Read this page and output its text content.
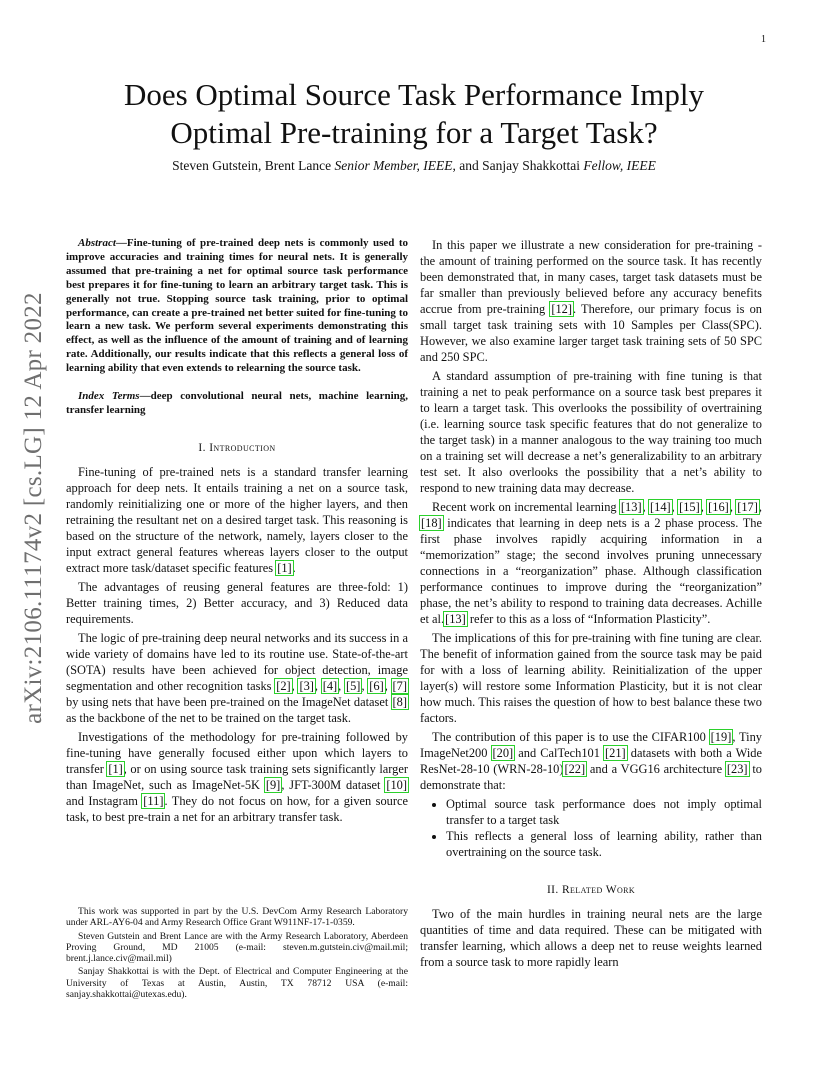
1
arXiv:2106.11174v2 [cs.LG] 12 Apr 2022
Does Optimal Source Task Performance Imply
Optimal Pre-training for a Target Task?
Steven Gutstein, Brent Lance Senior Member, IEEE, and Sanjay Shakkottai Fellow, IEEE

Abstract—Fine-tuning of pre-trained deep nets is commonly used to improve accuracies and training times for neural nets. It is generally assumed that pre-training a net for optimal source task performance best prepares it for fine-tuning to learn an arbitrary target task. This is generally not true. Stopping source task training, prior to optimal performance, can create a pre-trained net better suited for fine-tuning to learn a new task. We perform several experiments demonstrating this effect, as well as the influence of the amount of training and of learning rate. Additionally, our results indicate that this reflects a general loss of learning ability that even extends to relearning the source task.

Index Terms—deep convolutional neural nets, machine learning, transfer learning

I. Introduction

Fine-tuning of pre-trained nets is a standard transfer learning approach for deep nets. It entails training a net on a source task, randomly reinitializing one or more of the higher layers, and then retraining the resultant net on a desired target task. This reasoning is based on the structure of the network, namely, layers closer to the input extract general features whereas layers closer to the output extract more task/dataset specific features [1].

The advantages of reusing general features are three-fold: 1) Better training times, 2) Better accuracy, and 3) Reduced data requirements.

The logic of pre-training deep neural networks and its success in a wide variety of domains have led to its routine use. State-of-the-art (SOTA) results have been achieved for object detection, image segmentation and other recognition tasks [2], [3], [4], [5], [6], [7] by using nets that have been pre-trained on the ImageNet dataset [8] as the backbone of the net to be trained on the target task.

Investigations of the methodology for pre-training followed by fine-tuning have generally focused either upon which layers to transfer [1], or on using source task training sets significantly larger than ImageNet, such as ImageNet-5K [9], JFT-300M dataset [10] and Instagram [11]. They do not focus on how, for a given source task, to best pre-train a net for an arbitrary transfer task.

This work was supported in part by the U.S. DevCom Army Research Laboratory under ARL-AY6-04 and Army Research Office Grant W911NF-17-1-0359.

Steven Gutstein and Brent Lance are with the Army Research Laboratory, Aberdeen Proving Ground, MD 21005 (e-mail: steven.m.gutstein.civ@mail.mil; brent.j.lance.civ@mail.mil)

Sanjay Shakkottai is with the Dept. of Electrical and Computer Engineering at the University of Texas at Austin, Austin, TX 78712 USA (e-mail: sanjay.shakkottai@utexas.edu).

In this paper we illustrate a new consideration for pre-training - the amount of training performed on the source task. It has recently been demonstrated that, in many cases, target task datasets must be far smaller than previously believed before any accuracy benefits accrue from pre-training [12]. Therefore, our primary focus is on small target task training sets with 10 Samples per Class(SPC). However, we also examine larger target task training sets of 50 SPC and 250 SPC.

A standard assumption of pre-training with fine tuning is that training a net to peak performance on a source task best prepares it to learn a target task. This overlooks the possibility of overtraining (i.e. learning source task specific features that do not generalize to the target task) in a manner analogous to the way training too much on a training set will decrease a net’s generalizability to an arbitrary test set. It also overlooks the possibility that a net’s ability to respond to new training data may decrease.

Recent work on incremental learning [13], [14], [15], [16], [17], [18] indicates that learning in deep nets is a 2 phase process. The first phase involves rapidly acquiring information in a “memorization” stage; the second involves pruning unnecessary connections in a “reorganization” phase. Although classification performance continues to improve during the “reorganization” phase, the net’s ability to respond to training data decreases. Achille et al.[13] refer to this as a loss of “Information Plasticity”.

The implications of this for pre-training with fine tuning are clear. The benefit of information gained from the source task may be paid for with a loss of learning ability. Reinitialization of the upper layer(s) will restore some Information Plasticity, but it is not clear how much. This raises the question of how to best balance these two factors.

The contribution of this paper is to use the CIFAR100 [19], Tiny ImageNet200 [20] and CalTech101 [21] datasets with both a Wide ResNet-28-10 (WRN-28-10)[22] and a VGG16 architecture [23] to demonstrate that:

• Optimal source task performance does not imply optimal transfer to a target task
• This reflects a general loss of learning ability, rather than overtraining on the source task.
II. Related Work

Two of the main hurdles in training neural nets are the large quantities of time and data required. These can be mitigated with transfer learning, which allows a deep net to reuse weights learned from a source task to more rapidly learn
